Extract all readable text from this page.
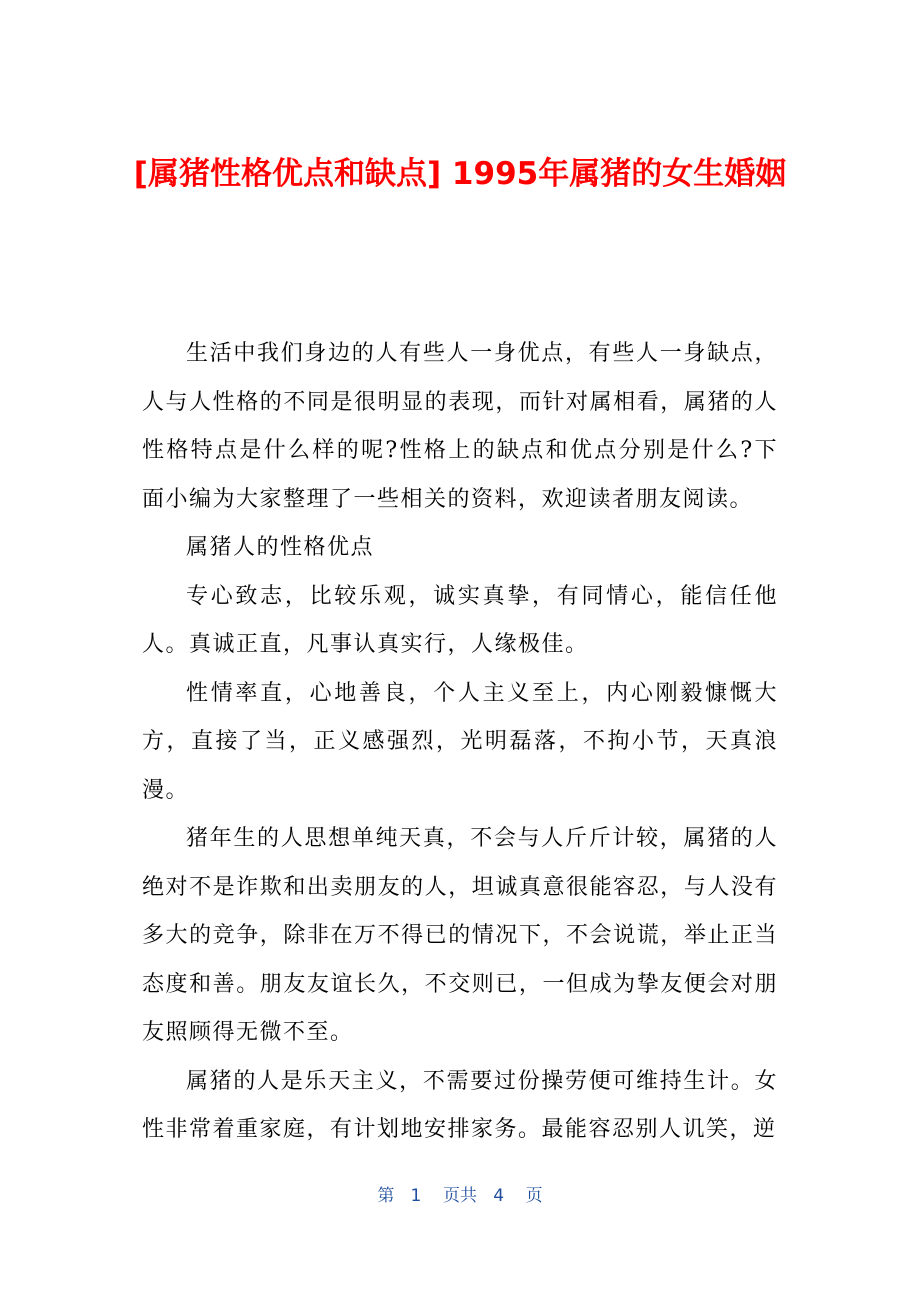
[属猪性格优点和缺点] 1995年属猪的女生婚姻

生活中我们身边的人有些人一身优点，有些人一身缺点，人与人性格的不同是很明显的表现，而针对属相看，属猪的人性格特点是什么样的呢?性格上的缺点和优点分别是什么?下面小编为大家整理了一些相关的资料，欢迎读者朋友阅读。

属猪人的性格优点

专心致志，比较乐观，诚实真挚，有同情心，能信任他人。真诚正直，凡事认真实行，人缘极佳。

性情率直，心地善良，个人主义至上，内心刚毅慷慨大方，直接了当，正义感强烈，光明磊落，不拘小节，天真浪漫。

猪年生的人思想单纯天真，不会与人斤斤计较，属猪的人绝对不是诈欺和出卖朋友的人，坦诚真意很能容忍，与人没有多大的竞争，除非在万不得已的情况下，不会说谎，举止正当态度和善。朋友友谊长久，不交则已，一但成为挚友便会对朋友照顾得无微不至。

属猪的人是乐天主义，不需要过份操劳便可维持生计。女性非常着重家庭，有计划地安排家务。最能容忍别人讥笑，逆

第 1 页共 4 页
